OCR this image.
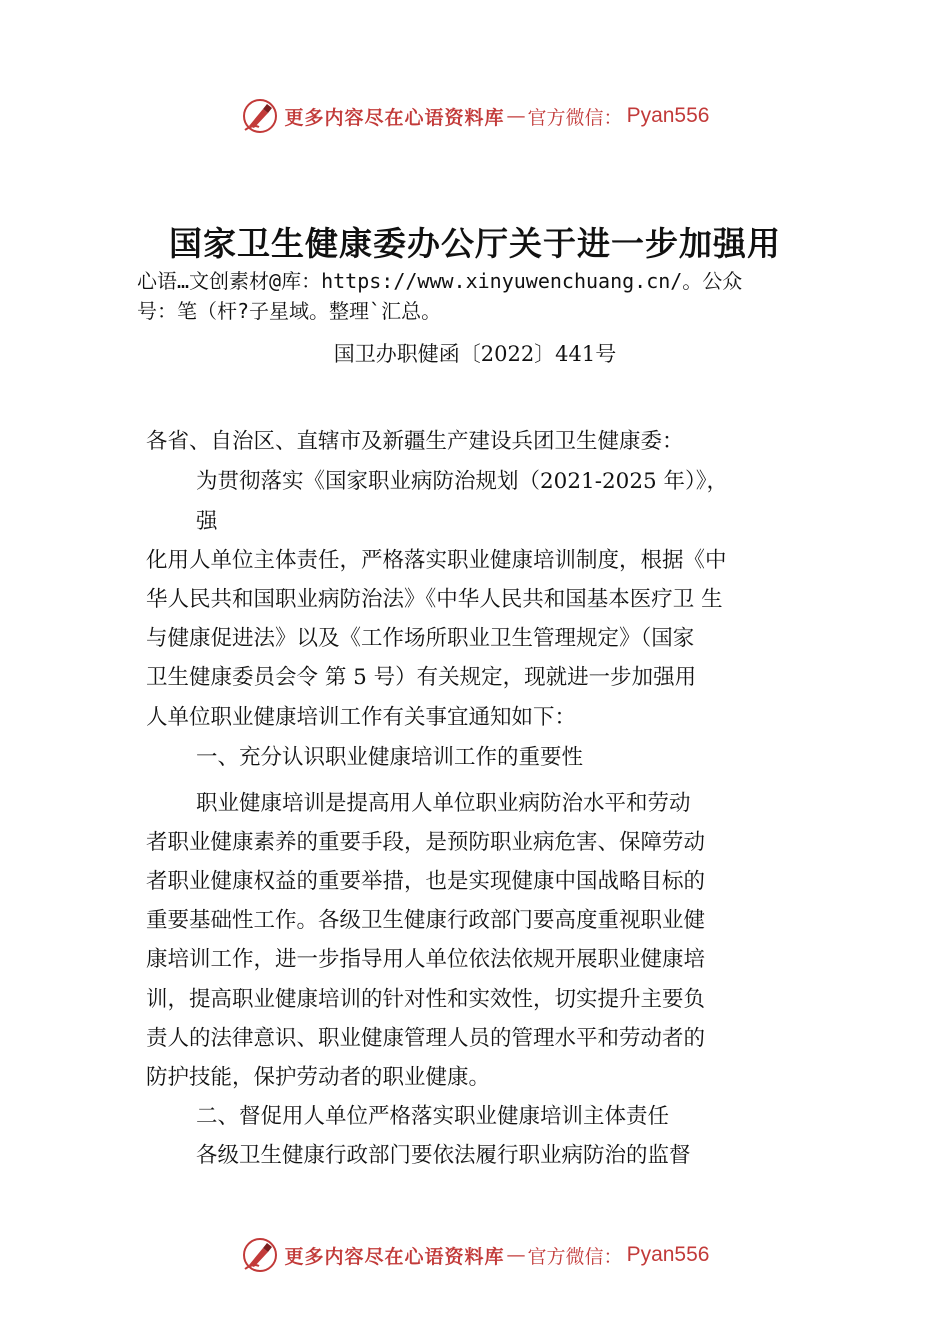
更多内容尽在心语资料库 — 官方微信： Pyan556
国家卫生健康委办公厅关于进一步加强用
心语…文创素材@库：https://www.xinyuwenchuang.cn/。公众
号：笔（杆?子星域。整理`汇总。
国卫办职健函〔2022〕441号
各省、自治区、直辖市及新疆生产建设兵团卫生健康委：
为贯彻落实《国家职业病防治规划（2021-2025 年）》，
强
化用人单位主体责任，严格落实职业健康培训制度，根据《中
华人民共和国职业病防治法》《中华人民共和国基本医疗卫 生
与健康促进法》以及《工作场所职业卫生管理规定》（国家
卫生健康委员会令 第 5 号）有关规定，现就进一步加强用
人单位职业健康培训工作有关事宜通知如下：
一、充分认识职业健康培训工作的重要性
职业健康培训是提高用人单位职业病防治水平和劳动
者职业健康素养的重要手段，是预防职业病危害、保障劳动
者职业健康权益的重要举措，也是实现健康中国战略目标的
重要基础性工作。各级卫生健康行政部门要高度重视职业健
康培训工作，进一步指导用人单位依法依规开展职业健康培
训，提高职业健康培训的针对性和实效性，切实提升主要负
责人的法律意识、职业健康管理人员的管理水平和劳动者的
防护技能，保护劳动者的职业健康。
二、督促用人单位严格落实职业健康培训主体责任
各级卫生健康行政部门要依法履行职业病防治的监督
更多内容尽在心语资料库 — 官方微信： Pyan556
